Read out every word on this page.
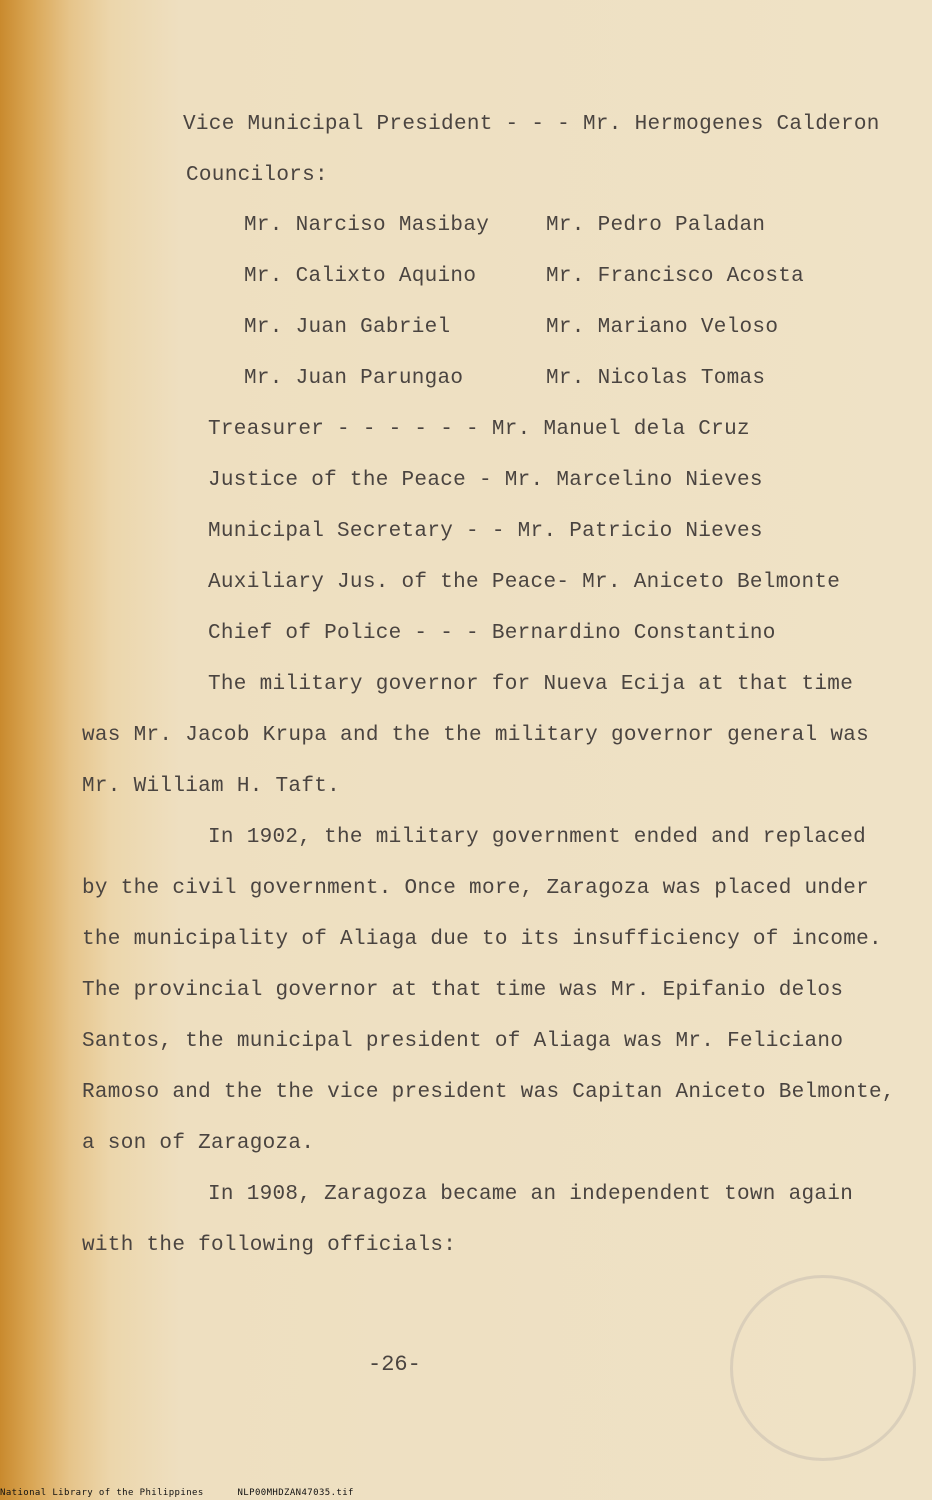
Vice Municipal President - - - Mr. Hermogenes Calderon
Councilors:
Mr. Narciso Masibay
Mr. Calixto Aquino
Mr. Juan Gabriel
Mr. Juan Parungao
Mr. Pedro Paladan
Mr. Francisco Acosta
Mr. Mariano Veloso
Mr. Nicolas Tomas
Treasurer - - - - - - Mr. Manuel dela Cruz
Justice of the Peace - Mr. Marcelino Nieves
Municipal Secretary - - Mr. Patricio Nieves
Auxiliary Jus. of the Peace- Mr. Aniceto Belmonte
Chief of Police - - - Bernardino Constantino
The military governor for Nueva Ecija at that time
was Mr. Jacob Krupa and the the military governor general was
Mr. William H. Taft.
In 1902, the military government ended and replaced
by the civil government. Once more, Zaragoza was placed under
the municipality of Aliaga due to its insufficiency of income.
The provincial governor at that time was Mr. Epifanio delos
Santos, the municipal president of Aliaga was Mr. Feliciano
Ramoso and the the vice president was Capitan Aniceto Belmonte,
a son of Zaragoza.
In 1908, Zaragoza became an independent town again
with the following officials:
-26-
National Library of the Philippines	NLP00MHDZAN47035.tif
